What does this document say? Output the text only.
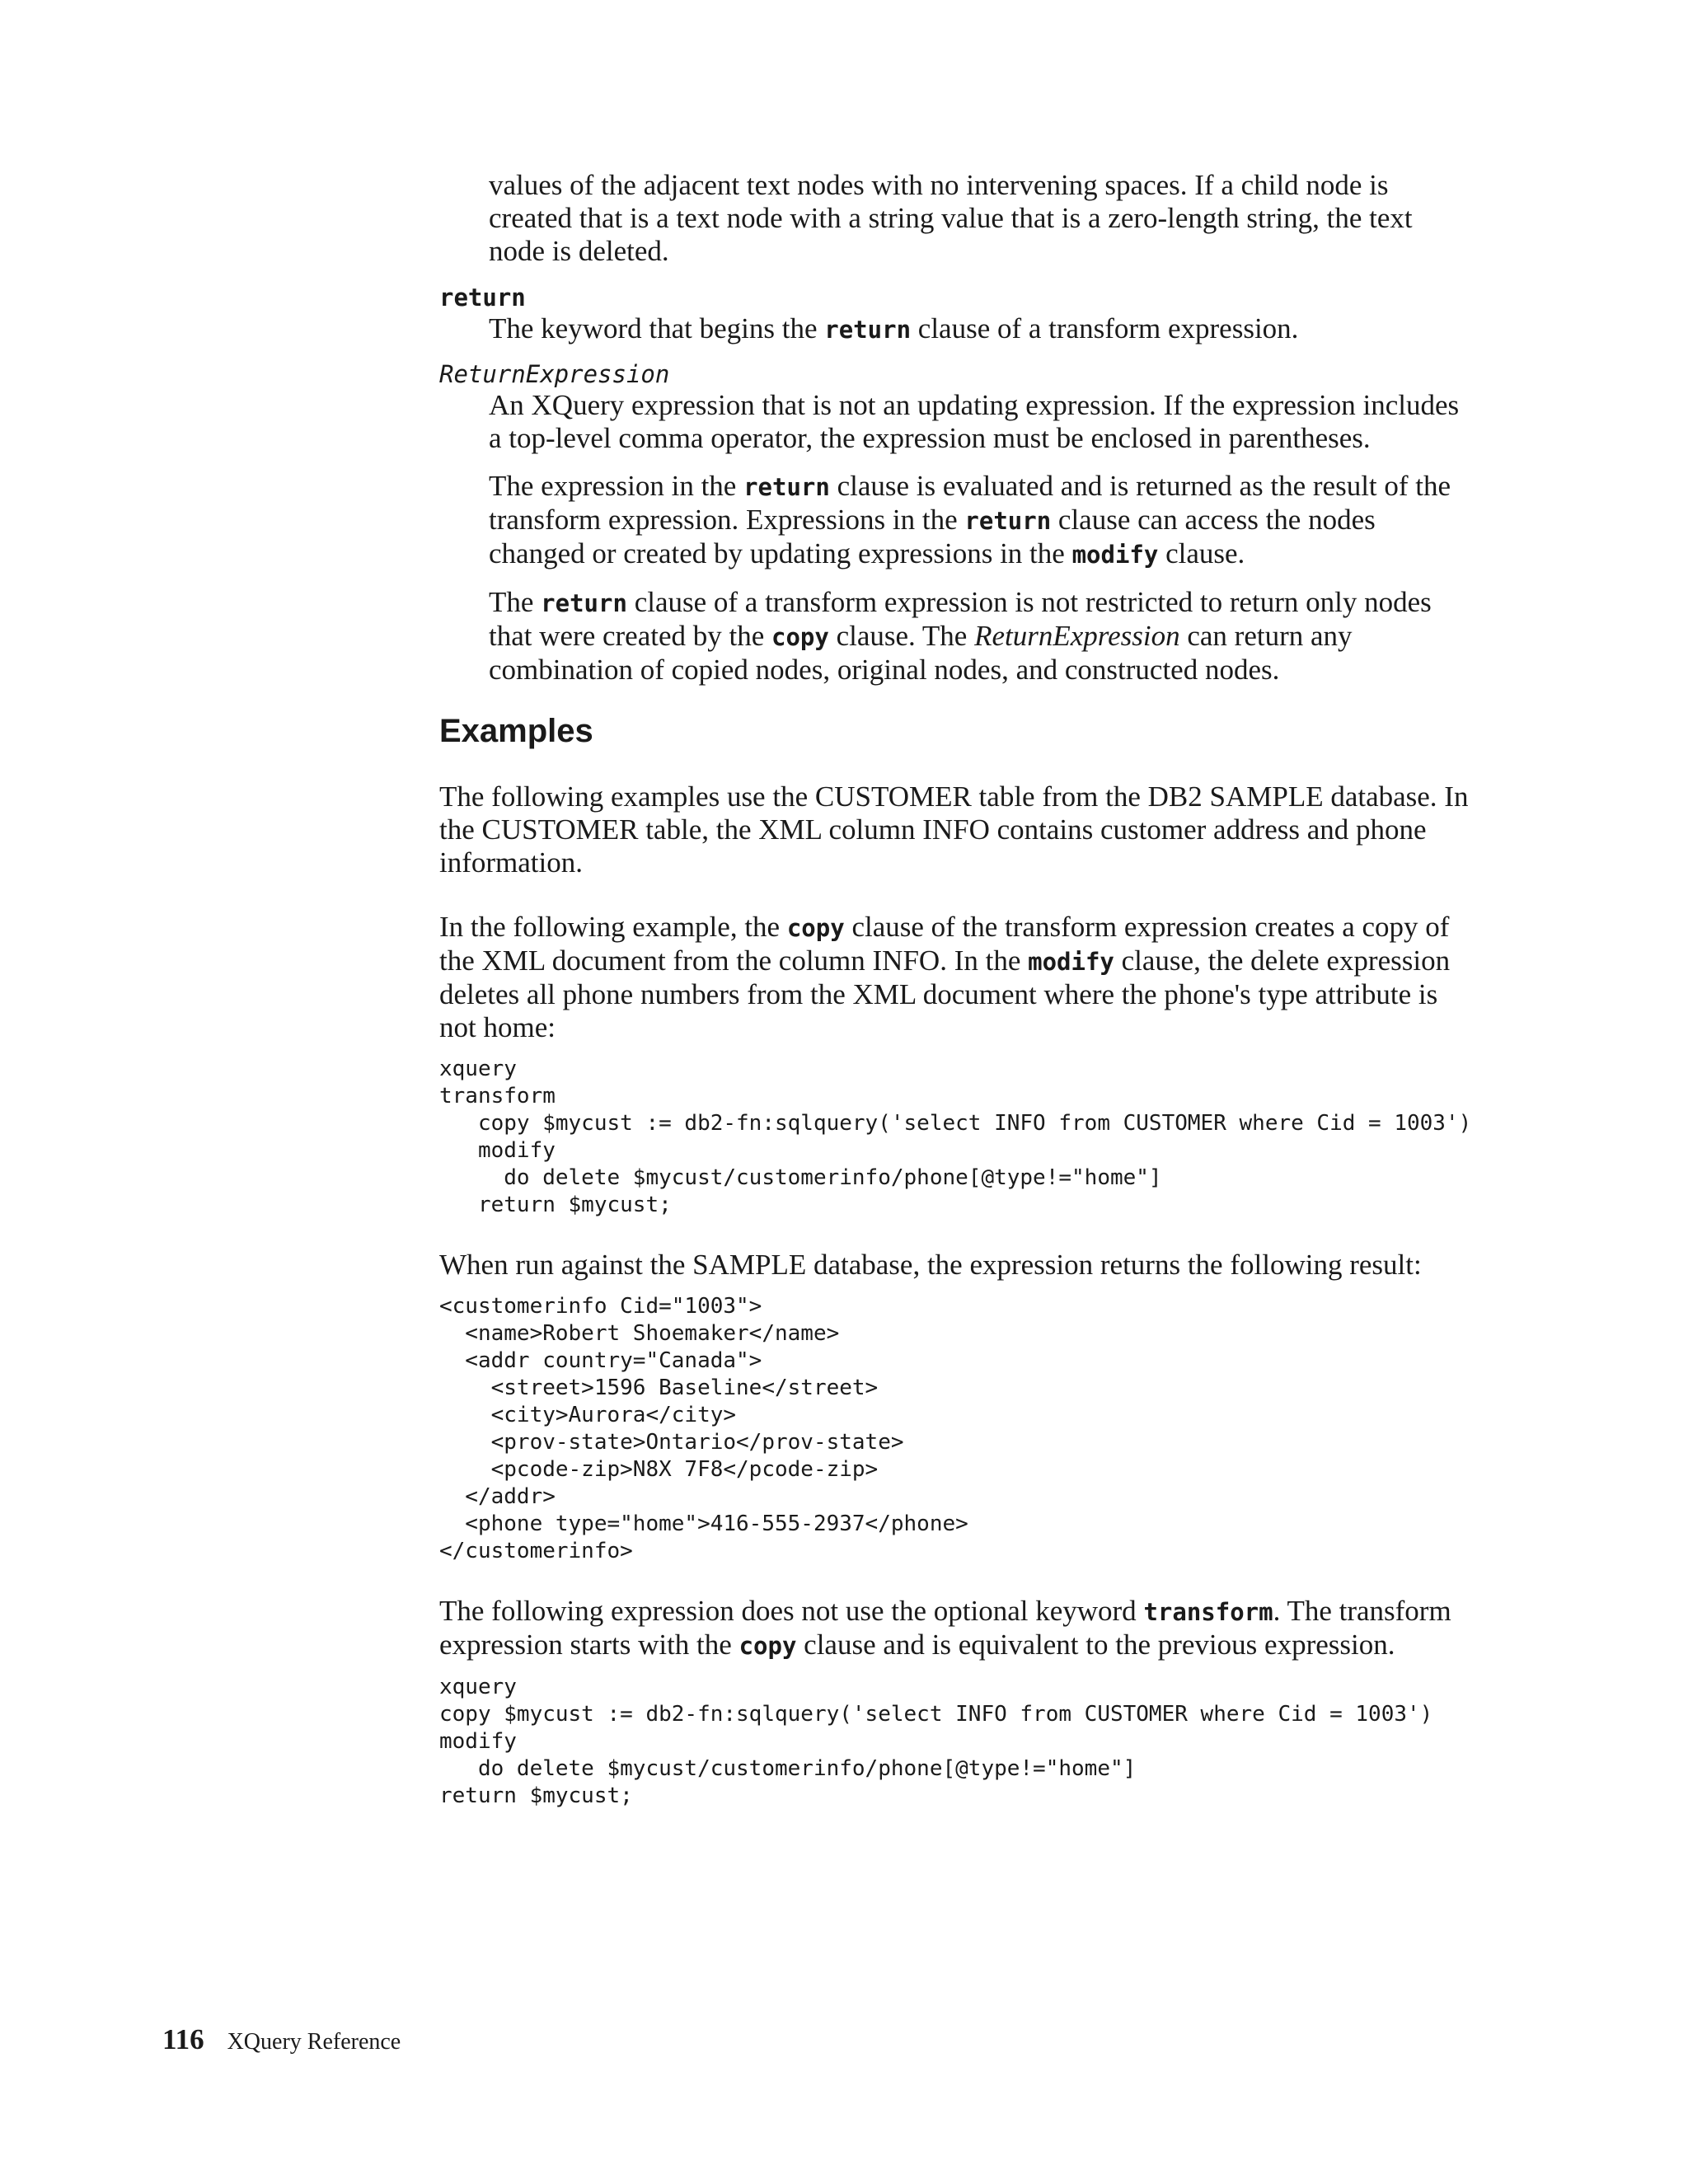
values of the adjacent text nodes with no intervening spaces. If a child node is created that is a text node with a string value that is a zero-length string, the text node is deleted.

return

The keyword that begins the return clause of a transform expression.

ReturnExpression

An XQuery expression that is not an updating expression. If the expression includes a top-level comma operator, the expression must be enclosed in parentheses.

The expression in the return clause is evaluated and is returned as the result of the transform expression. Expressions in the return clause can access the nodes changed or created by updating expressions in the modify clause.

The return clause of a transform expression is not restricted to return only nodes that were created by the copy clause. The ReturnExpression can return any combination of copied nodes, original nodes, and constructed nodes.

Examples

The following examples use the CUSTOMER table from the DB2 SAMPLE database. In the CUSTOMER table, the XML column INFO contains customer address and phone information.

In the following example, the copy clause of the transform expression creates a copy of the XML document from the column INFO. In the modify clause, the delete expression deletes all phone numbers from the XML document where the phone's type attribute is not home:

xquery
transform
copy $mycust := db2-fn:sqlquery('select INFO from CUSTOMER where Cid = 1003')
modify
do delete $mycust/customerinfo/phone[@type!="home"]
return $mycust;

When run against the SAMPLE database, the expression returns the following result:

<customerinfo Cid="1003">
<name>Robert Shoemaker</name>
<addr country="Canada">
<street>1596 Baseline</street>
<city>Aurora</city>
<prov-state>Ontario</prov-state>
<pcode-zip>N8X 7F8</pcode-zip>
</addr>
<phone type="home">416-555-2937</phone>
</customerinfo>

The following expression does not use the optional keyword transform. The transform expression starts with the copy clause and is equivalent to the previous expression.

xquery
copy $mycust := db2-fn:sqlquery('select INFO from CUSTOMER where Cid = 1003')
modify
do delete $mycust/customerinfo/phone[@type!="home"]
return $mycust;
116 XQuery Reference
